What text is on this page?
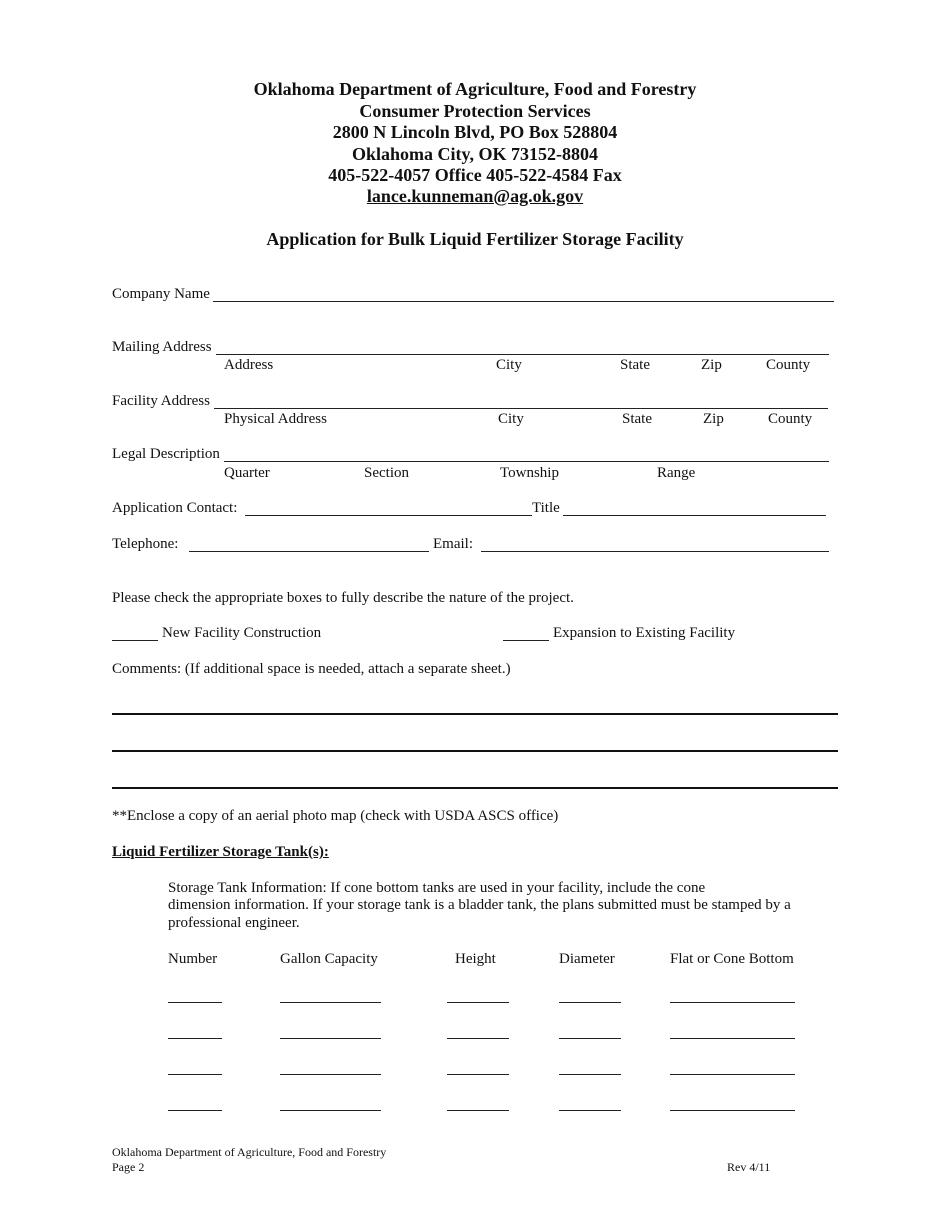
Oklahoma Department of Agriculture, Food and Forestry
Consumer Protection Services
2800 N Lincoln Blvd, PO Box 528804
Oklahoma City, OK 73152-8804
405-522-4057 Office 405-522-4584 Fax
lance.kunneman@ag.ok.gov
Application for Bulk Liquid Fertilizer Storage Facility
Company Name
Mailing Address
Address	City	State	Zip	County
Facility Address
Physical Address	City	State	Zip	County
Legal Description
Quarter	Section	Township	Range
Application Contact:	Title
Telephone:	Email:
Please check the appropriate boxes to fully describe the nature of the project.
New Facility Construction	Expansion to Existing Facility
Comments: (If additional space is needed, attach a separate sheet.)
**Enclose a copy of an aerial photo map (check with USDA ASCS office)
Liquid Fertilizer Storage Tank(s):
Storage Tank Information: If cone bottom tanks are used in your facility, include the cone
dimension information. If your storage tank is a bladder tank, the plans submitted must be stamped by a
professional engineer.
Number	Gallon Capacity	Height	Diameter	Flat or Cone Bottom
Oklahoma Department of Agriculture, Food and Forestry
Page 2	Rev 4/11
